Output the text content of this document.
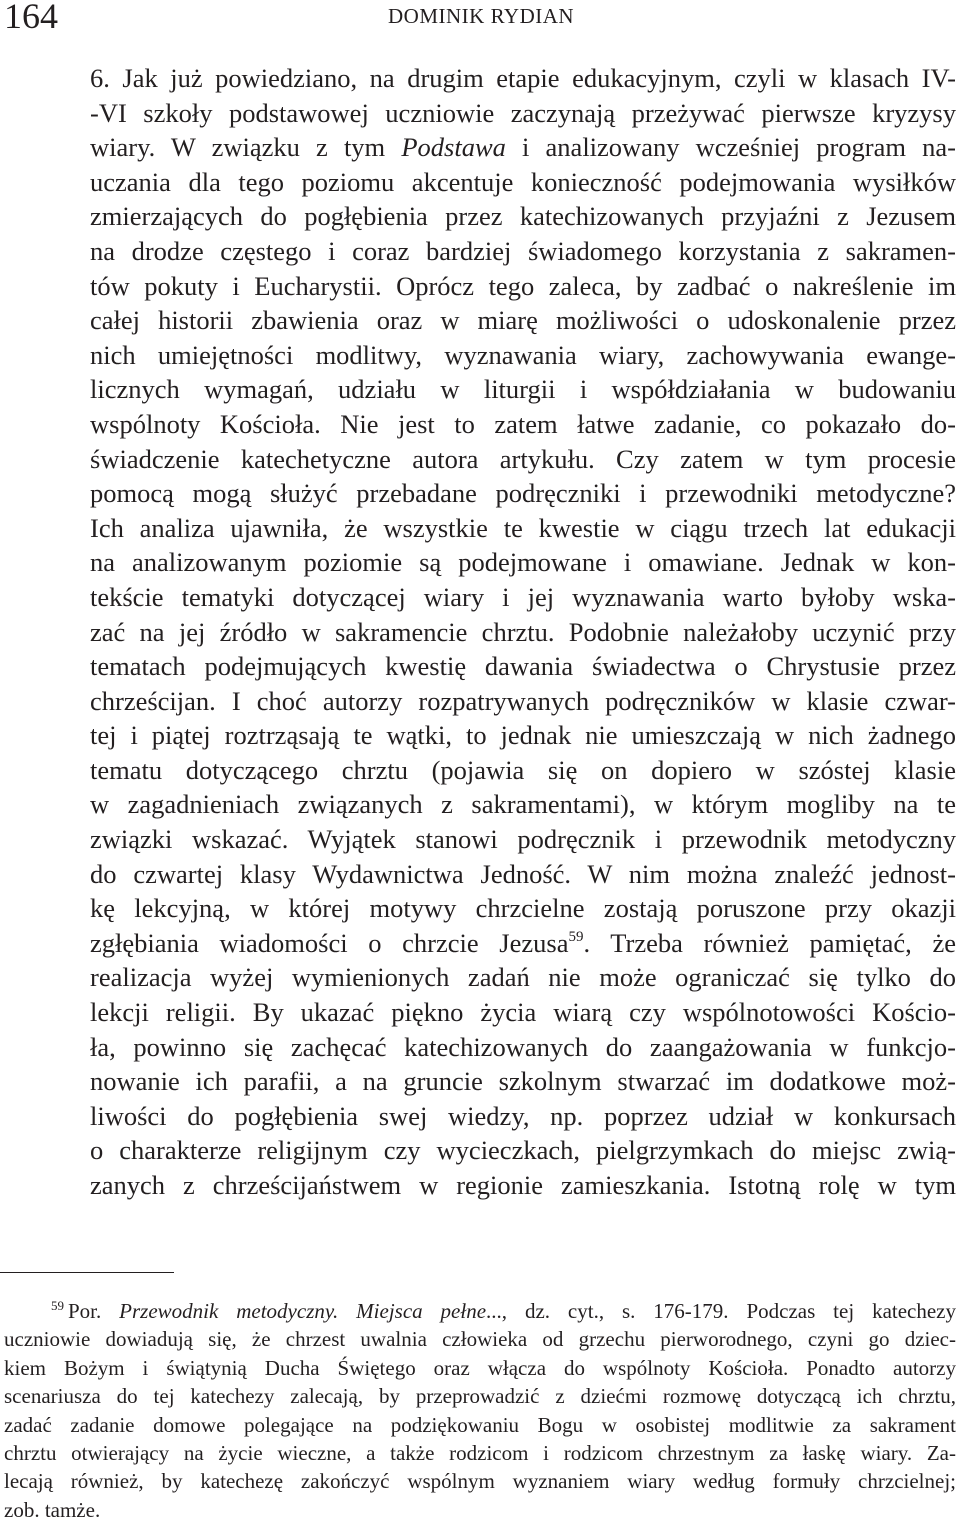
164	DOMINIK RYDIAN
6. Jak już powiedziano, na drugim etapie edukacyjnym, czyli w klasach IV-
-VI szkoły podstawowej uczniowie zaczynają przeżywać pierwsze kryzysy
wiary. W związku z tym Podstawa i analizowany wcześniej program na-
uczania dla tego poziomu akcentuje konieczność podejmowania wysiłków
zmierzających do pogłębienia przez katechizowanych przyjaźni z Jezusem
na drodze częstego i coraz bardziej świadomego korzystania z sakramen-
tów pokuty i Eucharystii. Oprócz tego zaleca, by zadbać o nakreślenie im
całej historii zbawienia oraz w miarę możliwości o udoskonalenie przez
nich umiejętności modlitwy, wyznawania wiary, zachowywania ewange-
licznych wymagań, udziału w liturgii i współdziałania w budowaniu
wspólnoty Kościoła. Nie jest to zatem łatwe zadanie, co pokazało do-
świadczenie katechetyczne autora artykułu. Czy zatem w tym procesie
pomocą mogą służyć przebadane podręczniki i przewodniki metodyczne?
Ich analiza ujawniła, że wszystkie te kwestie w ciągu trzech lat edukacji
na analizowanym poziomie są podejmowane i omawiane. Jednak w kon-
tekście tematyki dotyczącej wiary i jej wyznawania warto byłoby wska-
zać na jej źródło w sakramencie chrztu. Podobnie należałoby uczynić przy
tematach podejmujących kwestię dawania świadectwa o Chrystusie przez
chrześcijan. I choć autorzy rozpatrywanych podręczników w klasie czwar-
tej i piątej roztrząsają te wątki, to jednak nie umieszczają w nich żadnego
tematu dotyczącego chrztu (pojawia się on dopiero w szóstej klasie
w zagadnieniach związanych z sakramentami), w którym mogliby na te
związki wskazać. Wyjątek stanowi podręcznik i przewodnik metodyczny
do czwartej klasy Wydawnictwa Jedność. W nim można znaleźć jednost-
kę lekcyjną, w której motywy chrzcielne zostają poruszone przy okazji
zgłębiania wiadomości o chrzcie Jezusa$^{59}$. Trzeba również pamiętać, że
realizacja wyżej wymienionych zadań nie może ograniczać się tylko do
lekcji religii. By ukazać piękno życia wiarą czy wspólnotowości Kościo-
ła, powinno się zachęcać katechizowanych do zaangażowania w funkcjo-
nowanie ich parafii, a na gruncie szkolnym stwarzać im dodatkowe moż-
liwości do pogłębienia swej wiedzy, np. poprzez udział w konkursach
o charakterze religijnym czy wycieczkach, pielgrzymkach do miejsc zwią-
zanych z chrześcijaństwem w regionie zamieszkania. Istotną rolę w tym
$^{59}$ Por. Przewodnik metodyczny. Miejsca pełne..., dz. cyt., s. 176-179. Podczas tej katechezy
uczniowie dowiadują się, że chrzest uwalnia człowieka od grzechu pierworodnego, czyni go dziec-
kiem Bożym i świątynią Ducha Świętego oraz włącza do wspólnoty Kościoła. Ponadto autorzy
scenariusza do tej katechezy zalecają, by przeprowadzić z dziećmi rozmowę dotyczącą ich chrztu,
zadać zadanie domowe polegające na podziękowaniu Bogu w osobistej modlitwie za sakrament
chrztu otwierający na życie wieczne, a także rodzicom i rodzicom chrzestnym za łaskę wiary. Za-
lecają również, by katechezę zakończyć wspólnym wyznaniem wiary według formuły chrzcielnej;
zob. tamże.
